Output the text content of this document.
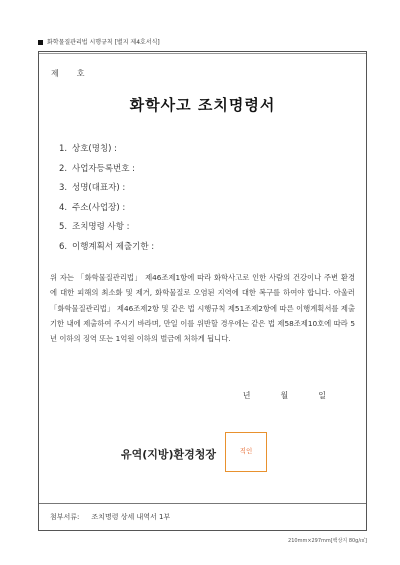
화학물질관리법 시행규칙 [별지 제4호서식]
제 호
화학사고 조치명령서
1. 상호(명칭) :
2. 사업자등록번호 :
3. 성명(대표자) :
4. 주소(사업장) :
5. 조치명령 사항 :
6. 이행계획서 제출기한 :
위 자는 「화학물질관리법」 제46조제1항에 따라 화학사고로 인한 사람의 건강이나 주변 환경에 대한 피해의 최소화 및 제거, 화학물질로 오염된 지역에 대한 복구를 하여야 합니다. 아울러 「화학물질관리법」 제46조제2항 및 같은 법 시행규칙 제51조제2항에 따른 이행계획서를 제출기한 내에 제출하여 주시기 바라며, 만일 이를 위반할 경우에는 같은 법 제58조제10호에 따라 5년 이하의 징역 또는 1억원 이하의 벌금에 처하게 됩니다.
년	월	일
유역(지방)환경청장	직인
첨부서류: 조치명령 상세 내역서 1부
210mm×297mm[백상지 80g/㎡]
